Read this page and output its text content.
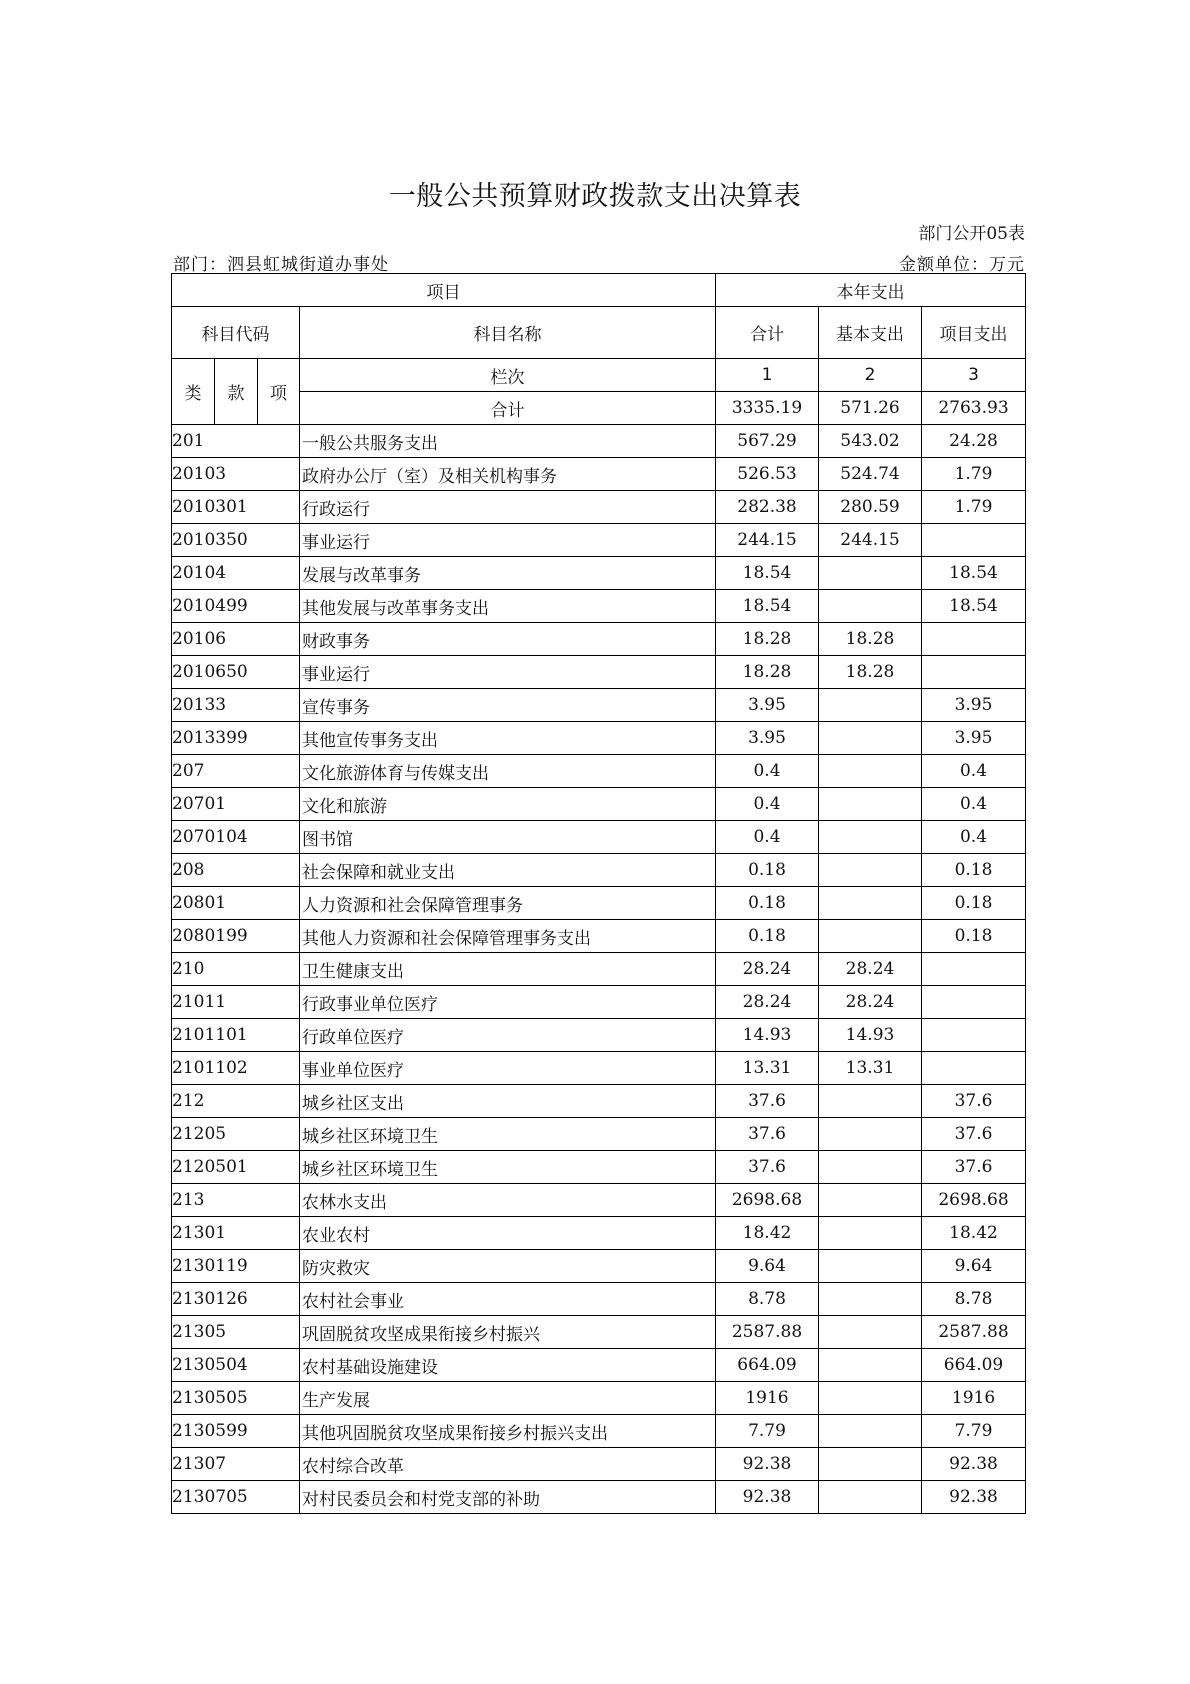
一般公共预算财政拨款支出决算表
部门公开05表
部门：泗县虹城街道办事处	金额单位：万元
项目				本年支出		
科目代码			科目名称	合计	基本支出	项目支出
类	款	项	栏次	1	2	3
			合计	3335.19	571.26	2763.93
201			一般公共服务支出	567.29	543.02	24.28
20103			政府办公厅（室）及相关机构事务	526.53	524.74	1.79
2010301			行政运行	282.38	280.59	1.79
2010350			事业运行	244.15	244.15	
20104			发展与改革事务	18.54		18.54
2010499			其他发展与改革事务支出	18.54		18.54
20106			财政事务	18.28	18.28	
2010650			事业运行	18.28	18.28	
20133			宣传事务	3.95		3.95
2013399			其他宣传事务支出	3.95		3.95
207			文化旅游体育与传媒支出	0.4		0.4
20701			文化和旅游	0.4		0.4
2070104			图书馆	0.4		0.4
208			社会保障和就业支出	0.18		0.18
20801			人力资源和社会保障管理事务	0.18		0.18
2080199			其他人力资源和社会保障管理事务支出	0.18		0.18
210			卫生健康支出	28.24	28.24	
21011			行政事业单位医疗	28.24	28.24	
2101101			行政单位医疗	14.93	14.93	
2101102			事业单位医疗	13.31	13.31	
212			城乡社区支出	37.6		37.6
21205			城乡社区环境卫生	37.6		37.6
2120501			城乡社区环境卫生	37.6		37.6
213			农林水支出	2698.68		2698.68
21301			农业农村	18.42		18.42
2130119			防灾救灾	9.64		9.64
2130126			农村社会事业	8.78		8.78
21305			巩固脱贫攻坚成果衔接乡村振兴	2587.88		2587.88
2130504			农村基础设施建设	664.09		664.09
2130505			生产发展	1916		1916
2130599			其他巩固脱贫攻坚成果衔接乡村振兴支出	7.79		7.79
21307			农村综合改革	92.38		92.38
2130705			对村民委员会和村党支部的补助	92.38		92.38
